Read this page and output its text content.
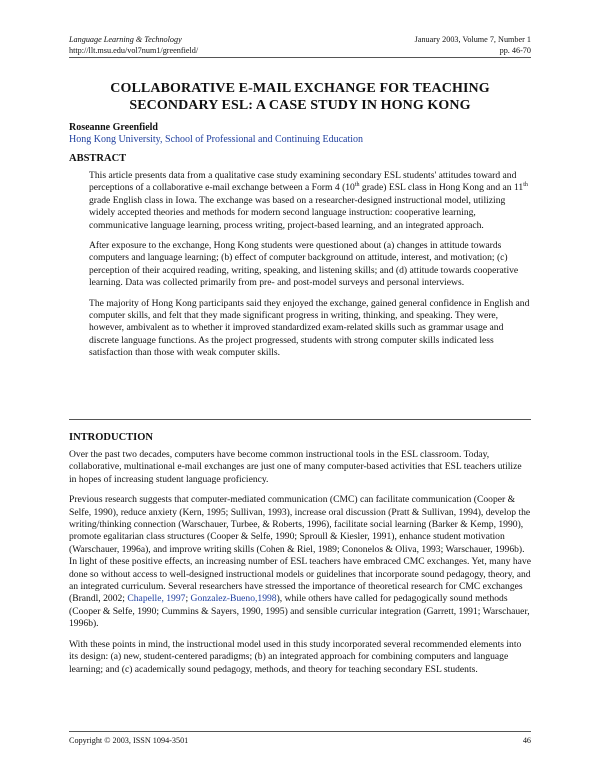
Language Learning & Technology	January 2003, Volume 7, Number 1
http://llt.msu.edu/vol7num1/greenfield/	pp. 46-70
COLLABORATIVE E-MAIL EXCHANGE FOR TEACHING
SECONDARY ESL: A CASE STUDY IN HONG KONG
Roseanne Greenfield
Hong Kong University, School of Professional and Continuing Education
ABSTRACT

This article presents data from a qualitative case study examining secondary ESL students' attitudes toward and perceptions of a collaborative e-mail exchange between a Form 4 (10th grade) ESL class in Hong Kong and an 11th grade English class in Iowa. The exchange was based on a researcher-designed instructional model, utilizing widely accepted theories and methods for modern second language instruction: cooperative learning, communicative language learning, process writing, project-based learning, and an integrated approach.

After exposure to the exchange, Hong Kong students were questioned about (a) changes in attitude towards computers and language learning; (b) effect of computer background on attitude, interest, and motivation; (c) perception of their acquired reading, writing, speaking, and listening skills; and (d) attitude towards cooperative learning. Data was collected primarily from pre- and post-model surveys and personal interviews.

The majority of Hong Kong participants said they enjoyed the exchange, gained general confidence in English and computer skills, and felt that they made significant progress in writing, thinking, and speaking. They were, however, ambivalent as to whether it improved standardized exam-related skills such as grammar usage and discrete language functions. As the project progressed, students with strong computer skills indicated less satisfaction than those with weak computer skills.

INTRODUCTION

Over the past two decades, computers have become common instructional tools in the ESL classroom. Today, collaborative, multinational e-mail exchanges are just one of many computer-based activities that ESL teachers utilize in hopes of increasing student language proficiency.

Previous research suggests that computer-mediated communication (CMC) can facilitate communication (Cooper & Selfe, 1990), reduce anxiety (Kern, 1995; Sullivan, 1993), increase oral discussion (Pratt & Sullivan, 1994), develop the writing/thinking connection (Warschauer, Turbee, & Roberts, 1996), facilitate social learning (Barker & Kemp, 1990), promote egalitarian class structures (Cooper & Selfe, 1990; Sproull & Kiesler, 1991), enhance student motivation (Warschauer, 1996a), and improve writing skills (Cohen & Riel, 1989; Cononelos & Oliva, 1993; Warschauer, 1996b). In light of these positive effects, an increasing number of ESL teachers have embraced CMC exchanges. Yet, many have done so without access to well-designed instructional models or guidelines that incorporate sound pedagogy, theory, and an integrated curriculum. Several researchers have stressed the importance of theoretical research for CMC exchanges (Brandl, 2002; Chapelle, 1997; Gonzalez-Bueno,1998), while others have called for pedagogically sound methods (Cooper & Selfe, 1990; Cummins & Sayers, 1990, 1995) and sensible curricular integration (Garrett, 1991; Warschauer, 1996b).

With these points in mind, the instructional model used in this study incorporated several recommended elements into its design: (a) new, student-centered paradigms; (b) an integrated approach for combining computers and language learning; and (c) academically sound pedagogy, methods, and theory for teaching secondary ESL students.

Copyright © 2003, ISSN 1094-3501	46
